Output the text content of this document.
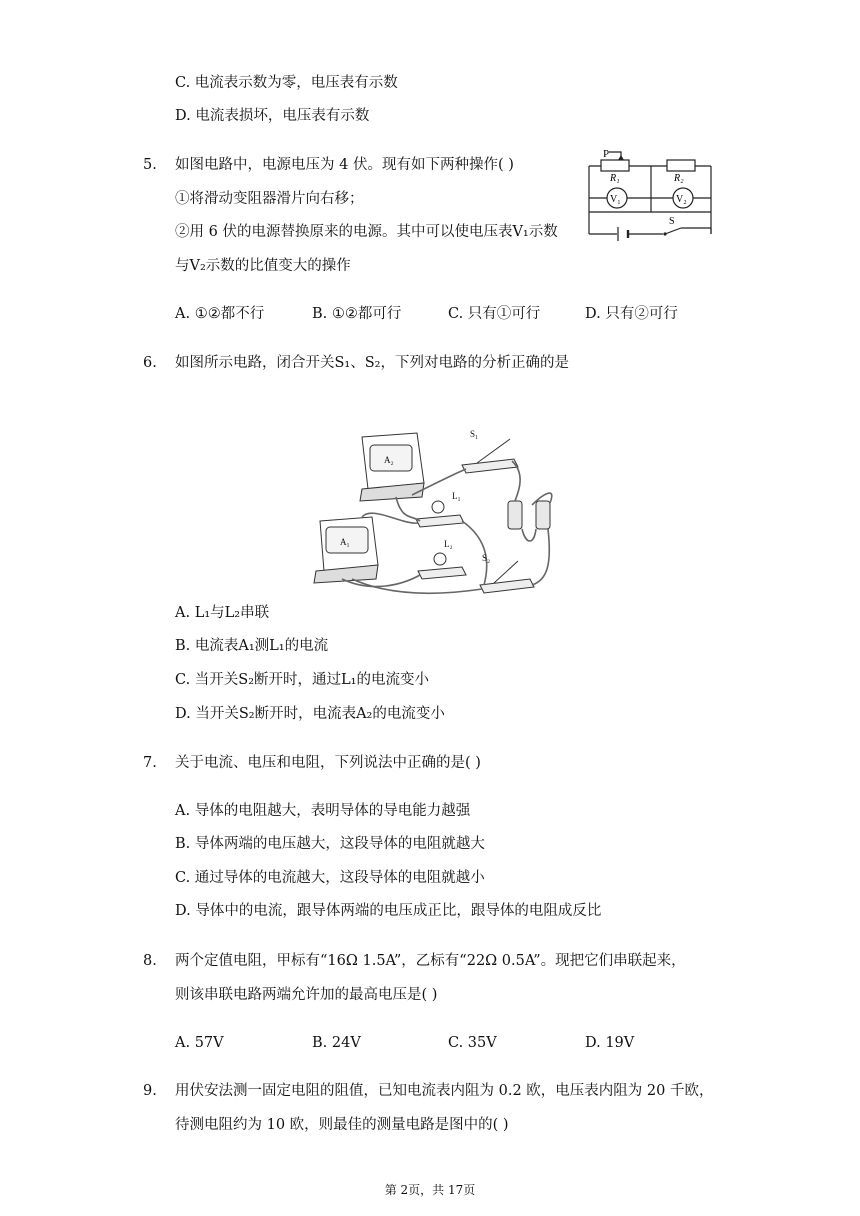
C. 电流表示数为零，电压表有示数
D. 电流表损坏，电压表有示数
5. 如图电路中，电源电压为 4 伏。现有如下两种操作( )
①将滑动变阻器滑片向右移；
②用 6 伏的电源替换原来的电源。其中可以使电压表V₁示数
与V₂示数的比值变大的操作
P
R₁	R₂
V₁	V₂
S
A. ①②都不行	B. ①②都可行	C. 只有①可行	D. 只有②可行
6. 如图所示电路，闭合开关S₁、S₂，下列对电路的分析正确的是
A₂
A₁
L₁
L₂
S₁
S₂
A. L₁与L₂串联
B. 电流表A₁测L₁的电流
C. 当开关S₂断开时，通过L₁的电流变小
D. 当开关S₂断开时，电流表A₂的电流变小
7. 关于电流、电压和电阻，下列说法中正确的是( )
A. 导体的电阻越大，表明导体的导电能力越强
B. 导体两端的电压越大，这段导体的电阻就越大
C. 通过导体的电流越大，这段导体的电阻就越小
D. 导体中的电流，跟导体两端的电压成正比，跟导体的电阻成反比
8. 两个定值电阻，甲标有“16Ω 1.5A”，乙标有“22Ω 0.5A”。现把它们串联起来，
则该串联电路两端允许加的最高电压是( )
A. 57V	B. 24V	C. 35V	D. 19V
9. 用伏安法测一固定电阻的阻值，已知电流表内阻为 0.2 欧，电压表内阻为 20 千欧，
待测电阻约为 10 欧，则最佳的测量电路是图中的( )
第 2页，共 17页
